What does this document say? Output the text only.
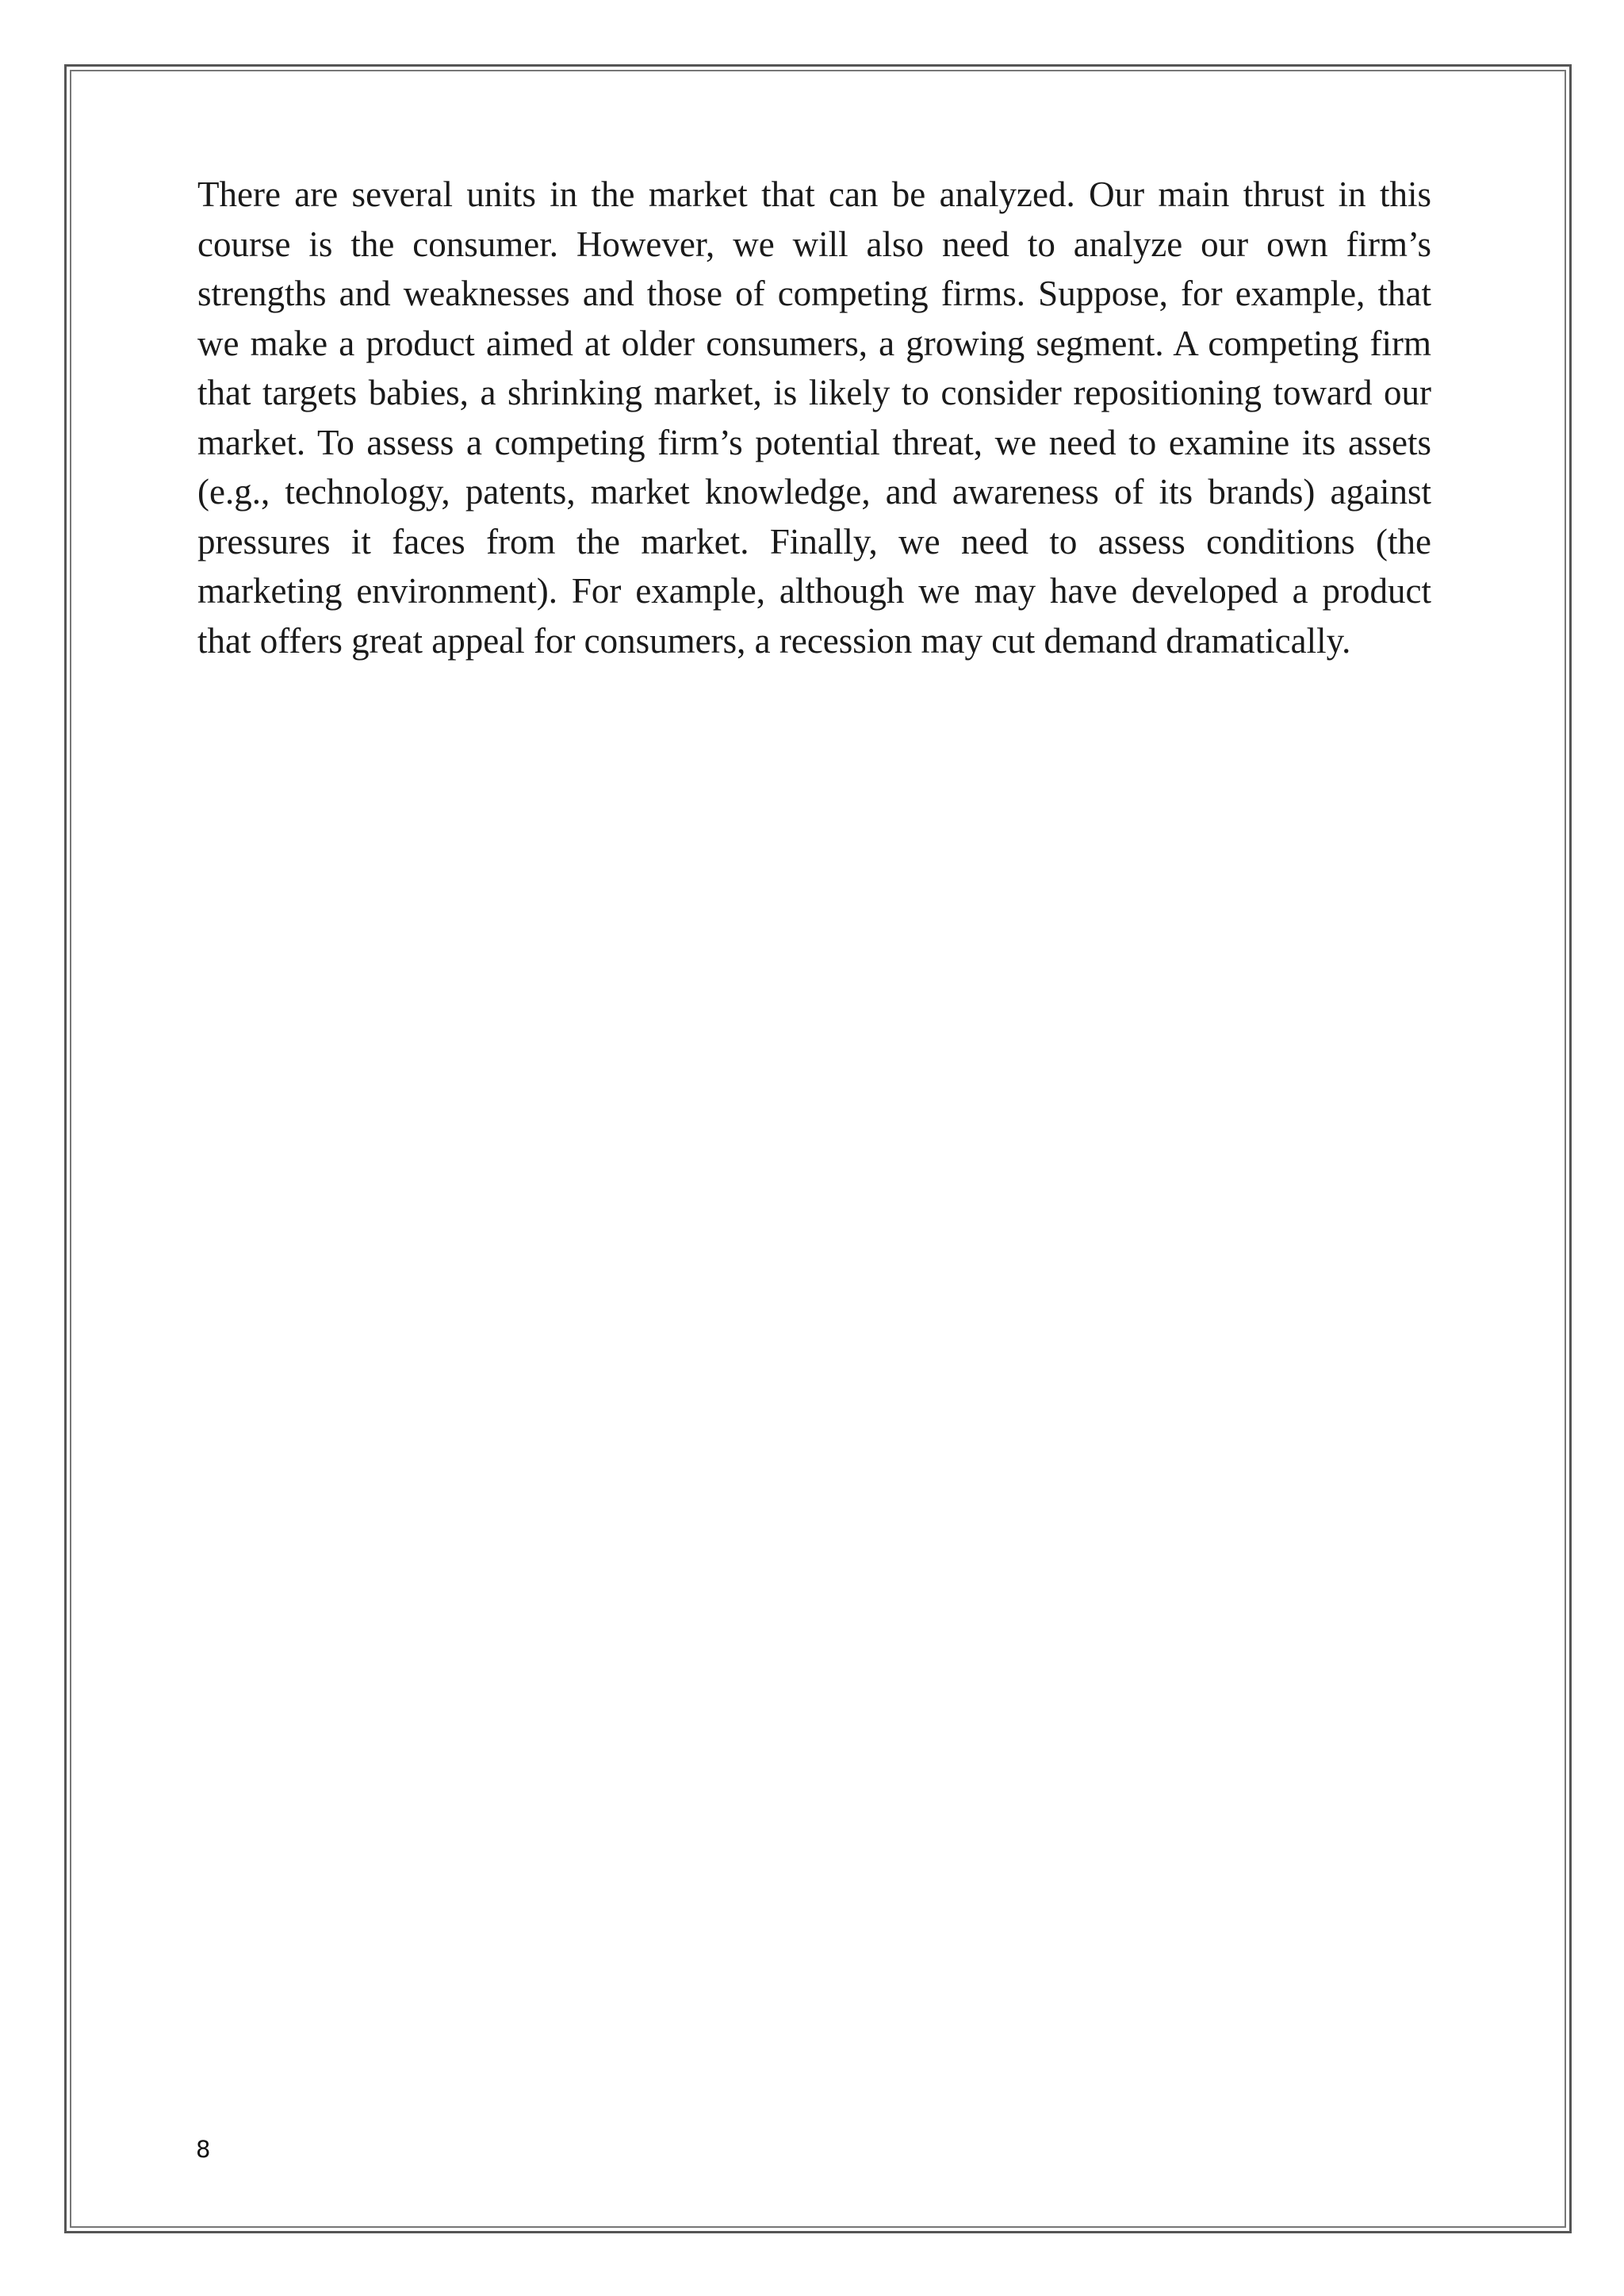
There are several units in the market that can be analyzed. Our main thrust in this course is the consumer. However, we will also need to analyze our own firm’s strengths and weaknesses and those of competing firms. Suppose, for example, that we make a product aimed at older consumers, a growing segment. A competing firm that targets babies, a shrinking market, is likely to consider repositioning toward our market. To assess a competing firm’s potential threat, we need to examine its assets (e.g., technology, patents, market knowledge, and awareness of its brands) against pressures it faces from the market. Finally, we need to assess conditions (the marketing environment). For example, although we may have developed a product that offers great appeal for consumers, a recession may cut demand dramatically.

8
